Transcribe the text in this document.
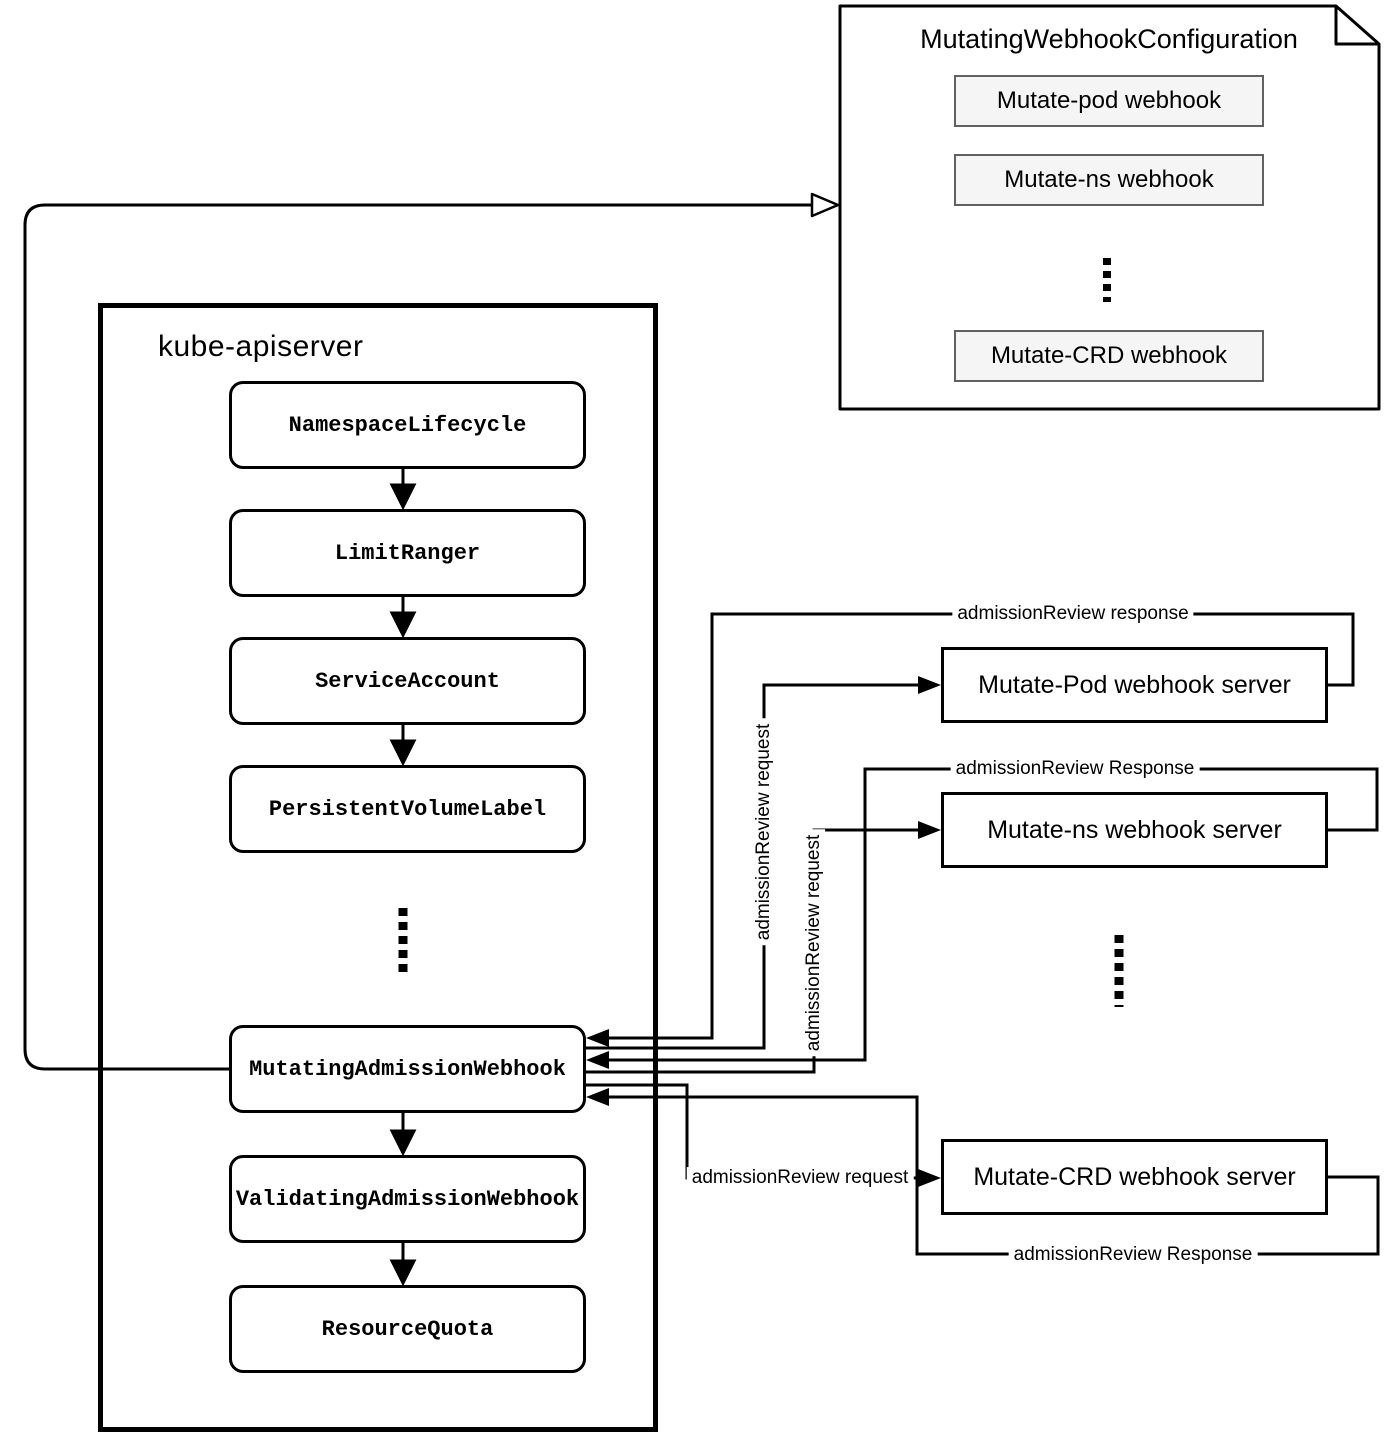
kube-apiserver
NamespaceLifecycle
LimitRanger
ServiceAccount
PersistentVolumeLabel
MutatingAdmissionWebhook
ValidatingAdmissionWebhook
ResourceQuota
MutatingWebhookConfiguration
Mutate-pod webhook
Mutate-ns webhook
Mutate-CRD webhook
Mutate-Pod webhook server
Mutate-ns webhook server
Mutate-CRD webhook server
admissionReview response
admissionReview request	admissionReview Response
admissionReview request
admissionReview request
admissionReview Response
